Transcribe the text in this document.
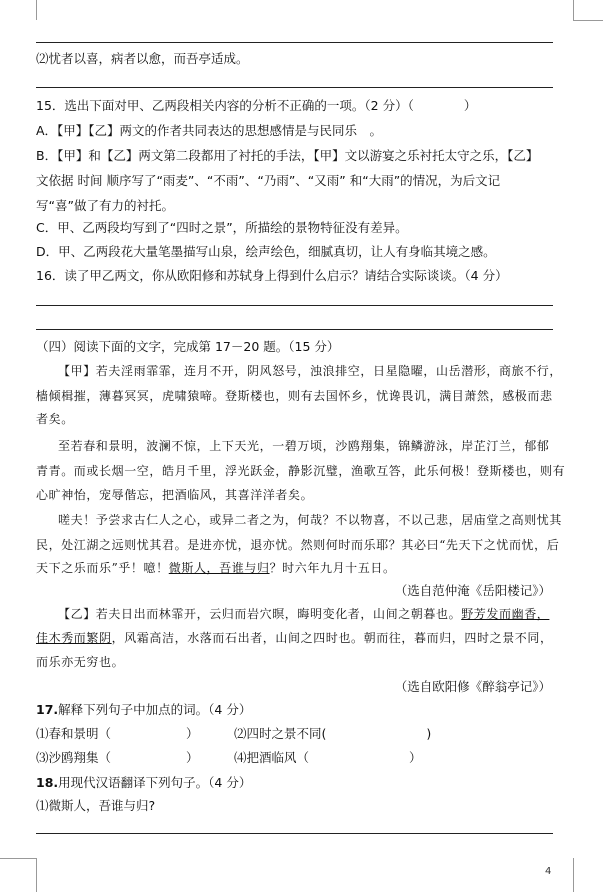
⑵忧者以喜，病者以愈，而吾亭适成。
15．选出下面对甲、乙两段相关内容的分析不正确的一项。（2 分）（　　　　）
A．【甲】【乙】两文的作者共同表达的思想感情是与民同乐　。
B．【甲】和【乙】两文第二段都用了衬托的手法，【甲】文以游宴之乐衬托太守之乐，【乙】
文依据 时间 顺序写了“雨麦”、“不雨”、“乃雨”、“又雨” 和“大雨”的情况，为后文记
写“喜”做了有力的衬托。
C．甲、乙两段均写到了“四时之景”，所描绘的景物特征没有差异。
D．甲、乙两段花大量笔墨描写山泉，绘声绘色，细腻真切，让人有身临其境之感。
16．读了甲乙两文，你从欧阳修和苏轼身上得到什么启示？请结合实际谈谈。（4 分）
（四）阅读下面的文字，完成第 17－20 题。（15 分）
【甲】若夫淫雨霏霏，连月不开，阴风怒号，浊浪排空，日星隐曜，山岳潜形，商旅不行，
樯倾楫摧，薄暮冥冥，虎啸猿啼。登斯楼也，则有去国怀乡，忧谗畏讥，满目萧然，感极而悲
者矣。
至若春和景明，波澜不惊，上下天光，一碧万顷，沙鸥翔集，锦鳞游泳，岸芷汀兰，郁郁
青青。而或长烟一空，皓月千里，浮光跃金，静影沉璧，渔歌互答，此乐何极！登斯楼也，则有
心旷神怡，宠辱偕忘，把酒临风，其喜洋洋者矣。
嗟夫！予尝求古仁人之心，或异二者之为，何哉？不以物喜，不以己悲，居庙堂之高则忧其
民，处江湖之远则忧其君。是进亦忧，退亦忧。然则何时而乐耶？其必曰“先天下之忧而忧，后
天下之乐而乐”乎！噫！微斯人，吾谁与归？时六年九月十五日。
（选自范仲淹《岳阳楼记》）
【乙】若夫日出而林霏开，云归而岩穴暝，晦明变化者，山间之朝暮也。野芳发而幽香，
佳木秀而繁阴，风霜高洁，水落而石出者，山间之四时也。朝而往，暮而归，四时之景不同，
而乐亦无穷也。
（选自欧阳修《醉翁亭记》）
17.解释下列句子中加点的词。（4 分）
⑴春和景明（　　　　　　）	⑵四时之景不同(　　　　　　　　)
⑶沙鸥翔集（　　　　　　）	⑷把酒临风（　　　　　　　　）
18.用现代汉语翻译下列句子。（4 分）
⑴微斯人，吾谁与归?
4
